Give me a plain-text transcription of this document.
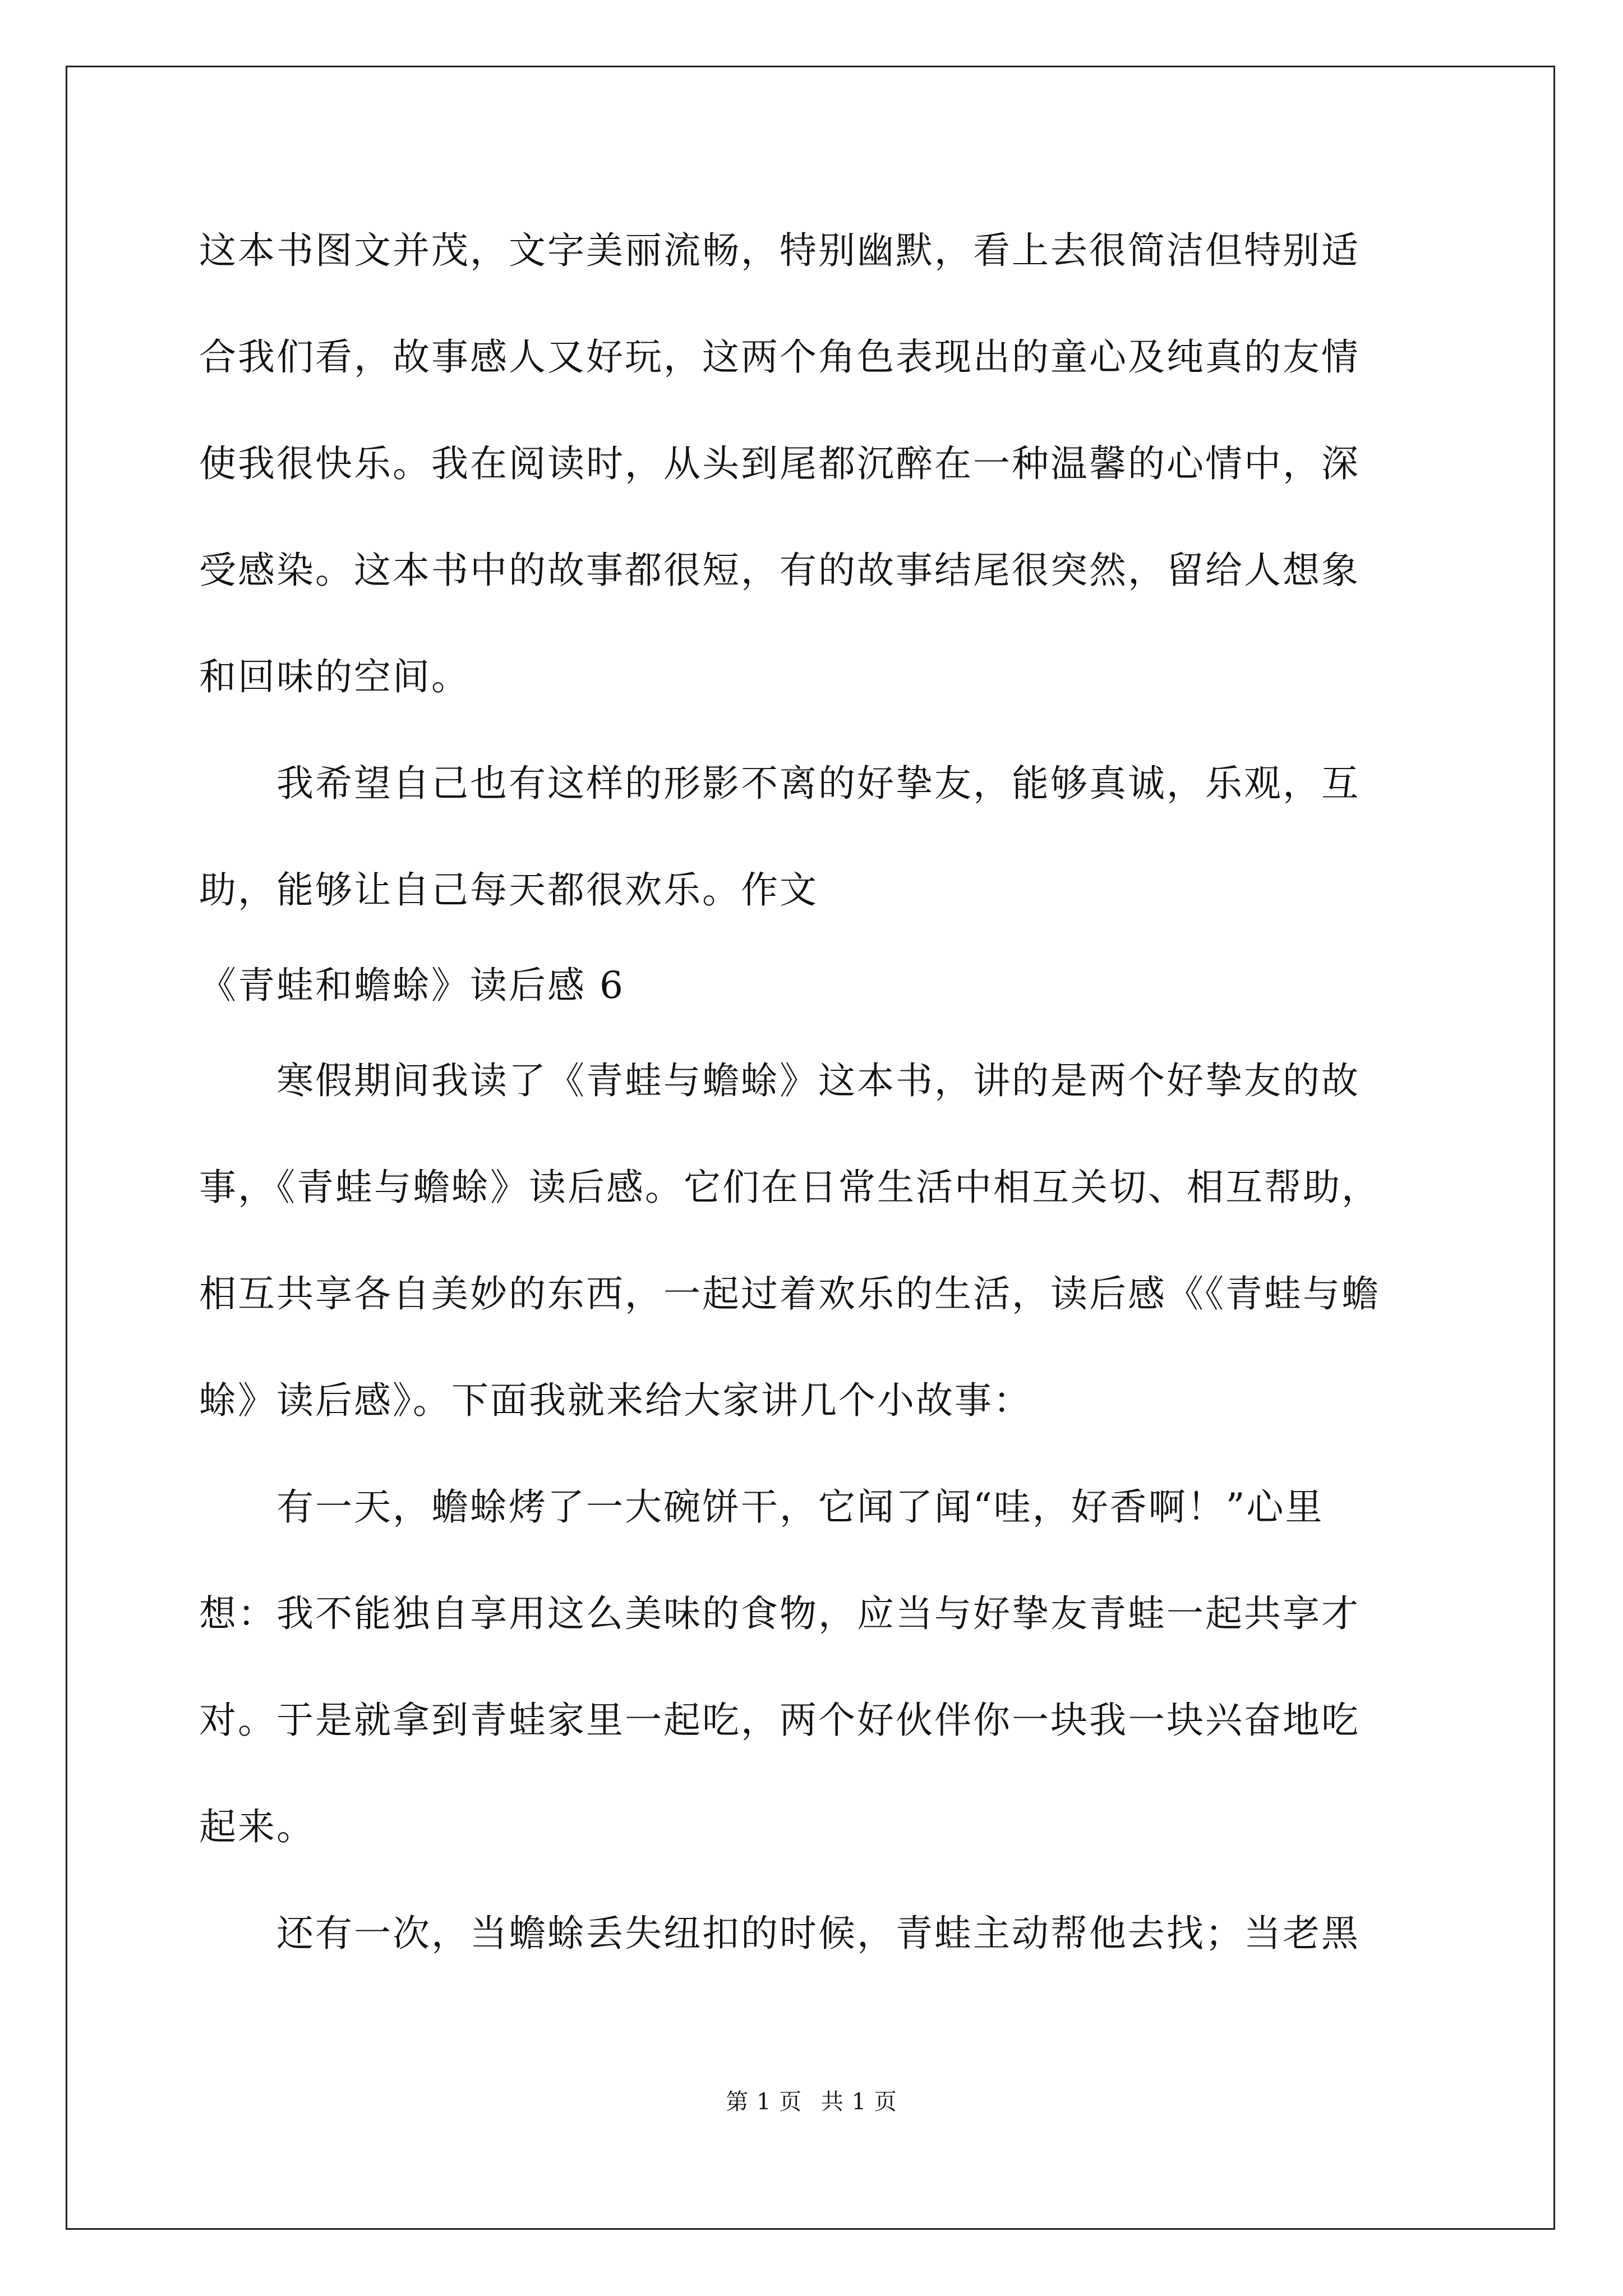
这本书图文并茂，文字美丽流畅，特别幽默，看上去很简洁但特别适
合我们看，故事感人又好玩，这两个角色表现出的童心及纯真的友情
使我很快乐。我在阅读时，从头到尾都沉醉在一种温馨的心情中，深
受感染。这本书中的故事都很短，有的故事结尾很突然，留给人想象
和回味的空间。
　　我希望自己也有这样的形影不离的好挚友，能够真诚，乐观，互
助，能够让自己每天都很欢乐。作文
《青蛙和蟾蜍》读后感 6
　　寒假期间我读了《青蛙与蟾蜍》这本书，讲的是两个好挚友的故
事，《青蛙与蟾蜍》读后感。它们在日常生活中相互关切、相互帮助，
相互共享各自美妙的东西，一起过着欢乐的生活，读后感《《青蛙与蟾
蜍》读后感》。下面我就来给大家讲几个小故事：
　　有一天，蟾蜍烤了一大碗饼干，它闻了闻“哇，好香啊！”心里
想：我不能独自享用这么美味的食物，应当与好挚友青蛙一起共享才
对。于是就拿到青蛙家里一起吃，两个好伙伴你一块我一块兴奋地吃
起来。
　　还有一次，当蟾蜍丢失纽扣的时候，青蛙主动帮他去找；当老黑
第 1 页 共 1 页
